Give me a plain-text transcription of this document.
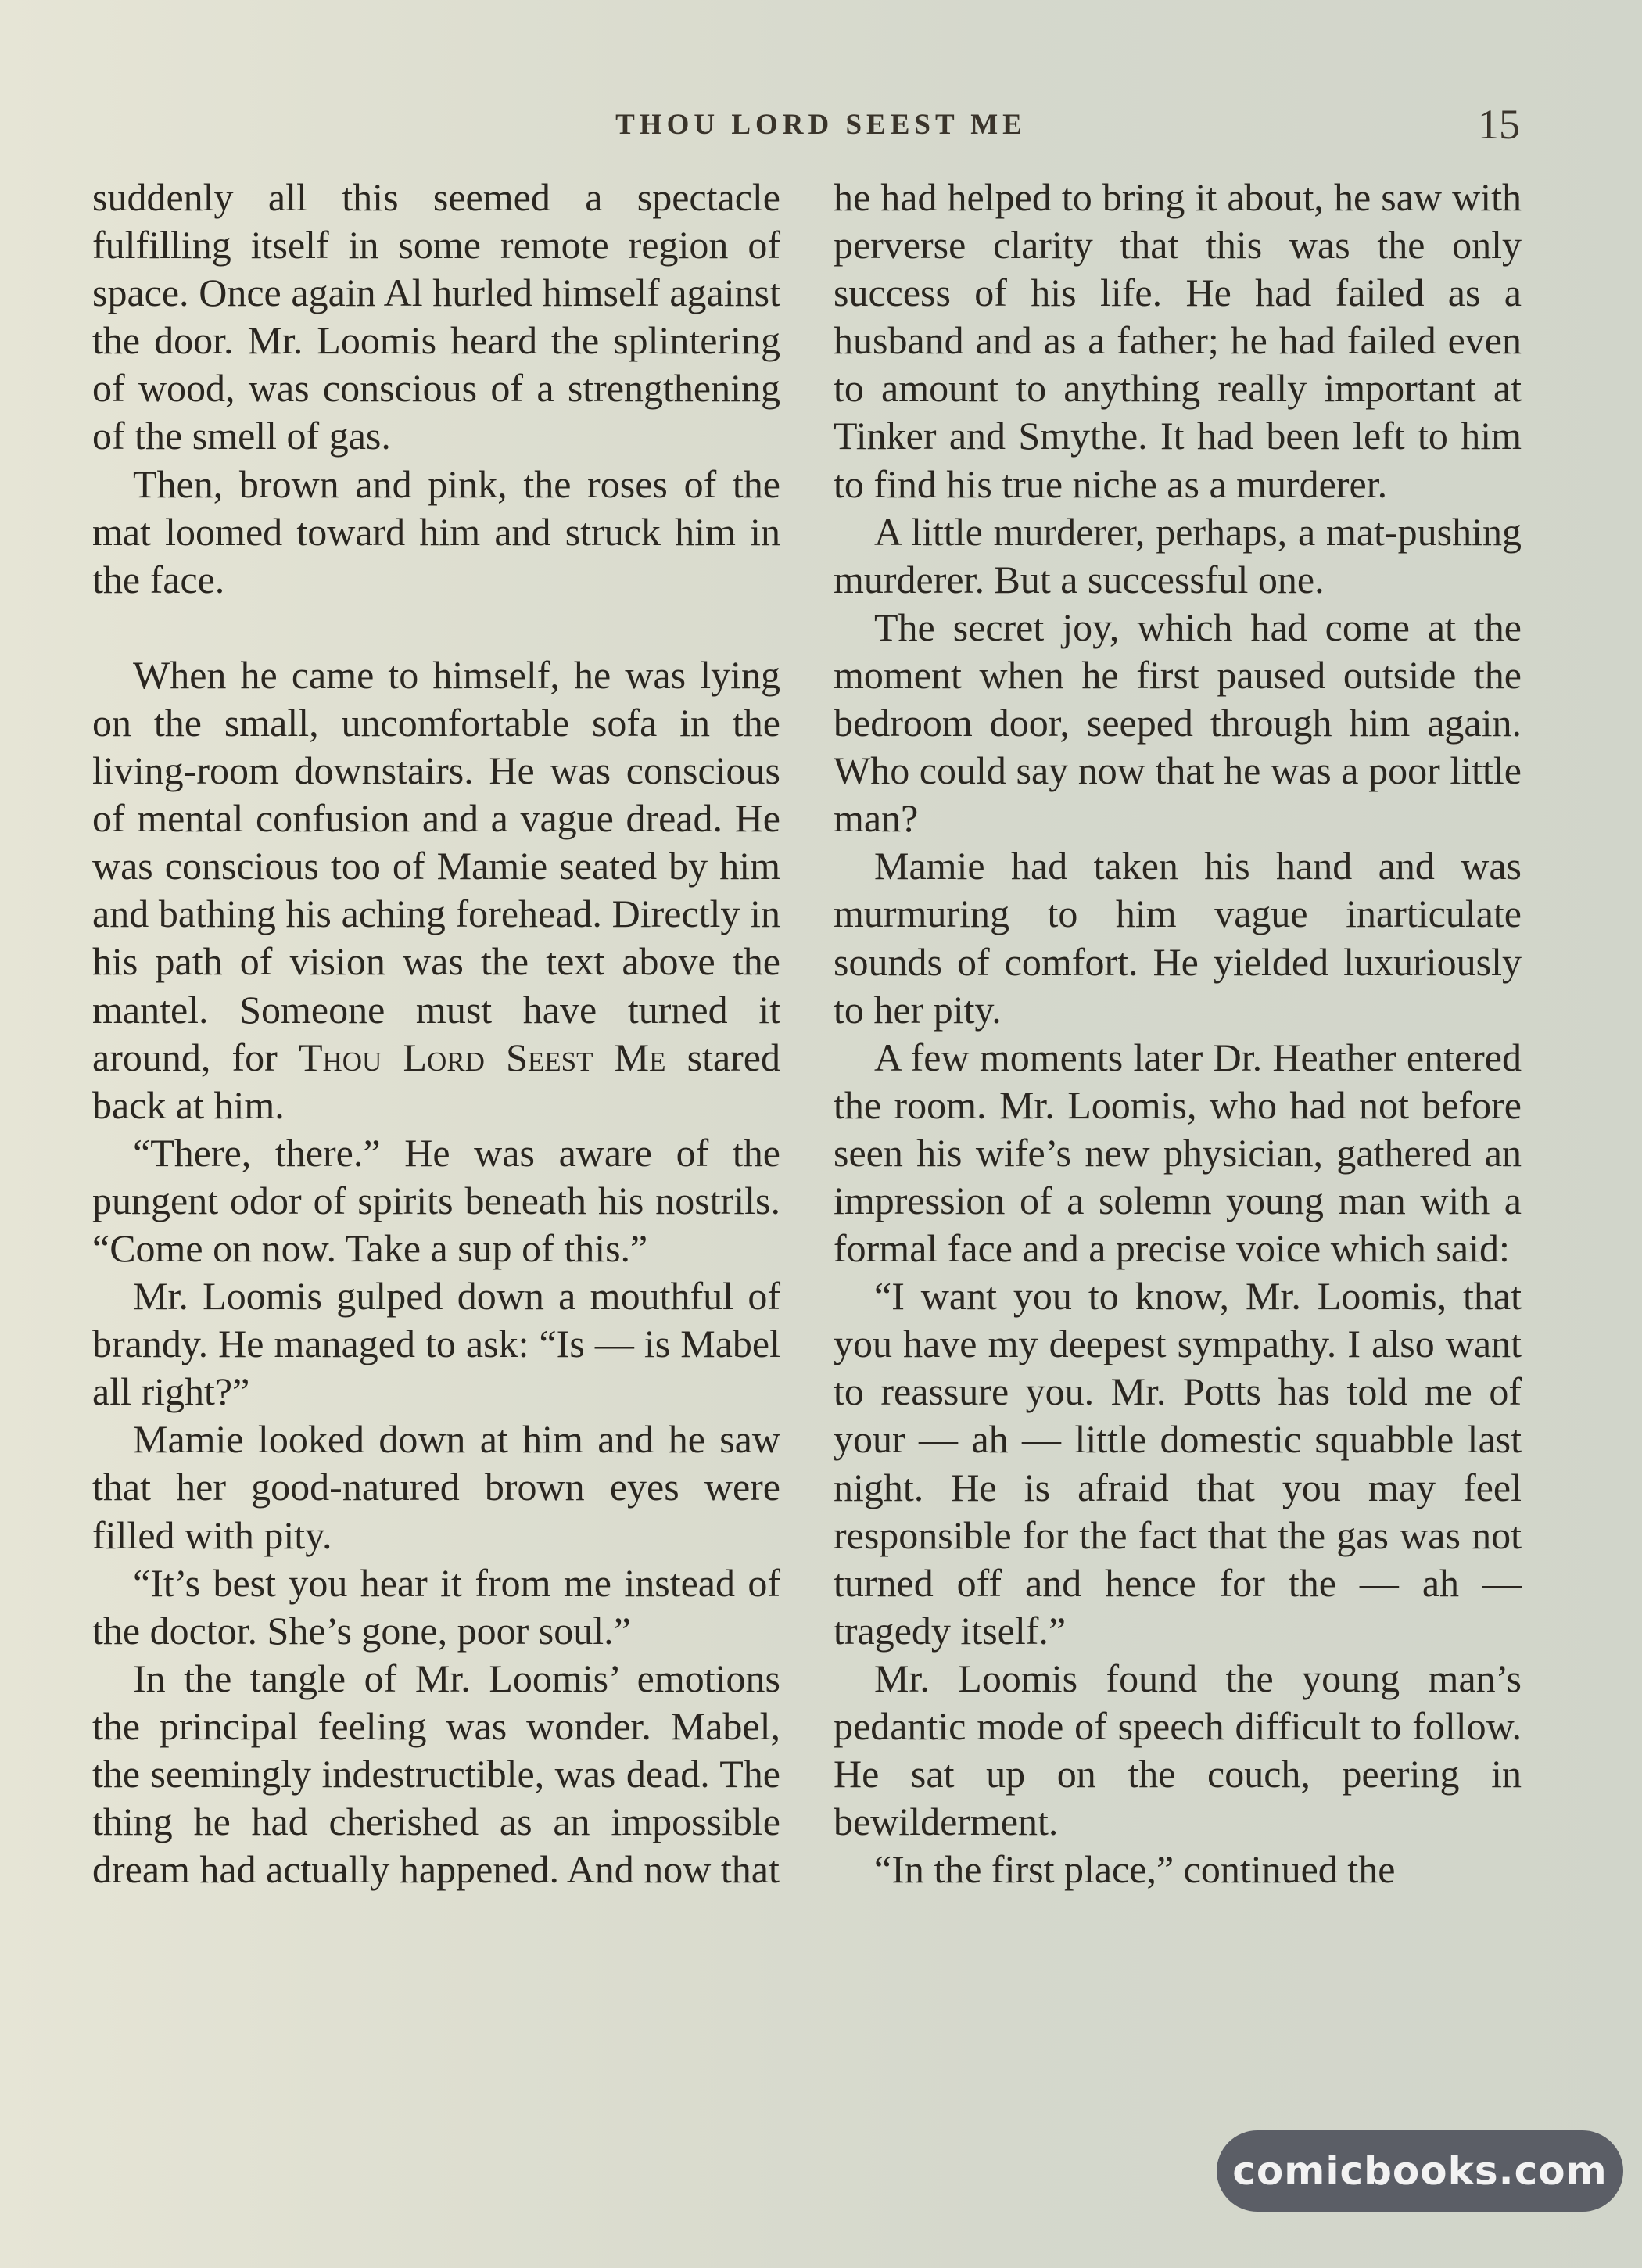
THOU LORD SEEST ME	15

suddenly all this seemed a spectacle fulfilling itself in some remote region of space. Once again Al hurled himself against the door. Mr. Loomis heard the splintering of wood, was conscious of a strengthening of the smell of gas.

Then, brown and pink, the roses of the mat loomed toward him and struck him in the face.

When he came to himself, he was lying on the small, uncomfortable sofa in the living-room downstairs. He was conscious of mental confusion and a vague dread. He was conscious too of Mamie seated by him and bathing his aching forehead. Directly in his path of vision was the text above the mantel. Someone must have turned it around, for Thou Lord Seest Me stared back at him.

“There, there.” He was aware of the pungent odor of spirits beneath his nostrils. “Come on now. Take a sup of this.”

Mr. Loomis gulped down a mouthful of brandy. He managed to ask: “Is — is Mabel all right?”

Mamie looked down at him and he saw that her good-natured brown eyes were filled with pity.

“It’s best you hear it from me instead of the doctor. She’s gone, poor soul.”

In the tangle of Mr. Loomis’ emotions the principal feeling was wonder. Mabel, the seemingly indestructible, was dead. The thing he had cherished as an impossible dream had actually happened. And now that

he had helped to bring it about, he saw with perverse clarity that this was the only success of his life. He had failed as a husband and as a father; he had failed even to amount to anything really important at Tinker and Smythe. It had been left to him to find his true niche as a murderer.

A little murderer, perhaps, a mat-pushing murderer. But a successful one.

The secret joy, which had come at the moment when he first paused outside the bedroom door, seeped through him again. Who could say now that he was a poor little man?

Mamie had taken his hand and was murmuring to him vague inarticulate sounds of comfort. He yielded luxuriously to her pity.

A few moments later Dr. Heather entered the room. Mr. Loomis, who had not before seen his wife’s new physician, gathered an impression of a solemn young man with a formal face and a precise voice which said:

“I want you to know, Mr. Loomis, that you have my deepest sympathy. I also want to reassure you. Mr. Potts has told me of your — ah — little domestic squabble last night. He is afraid that you may feel responsible for the fact that the gas was not turned off and hence for the — ah — tragedy itself.”

Mr. Loomis found the young man’s pedantic mode of speech difficult to follow. He sat up on the couch, peering in bewilderment.

“In the first place,” continued the

comicbooks.com
